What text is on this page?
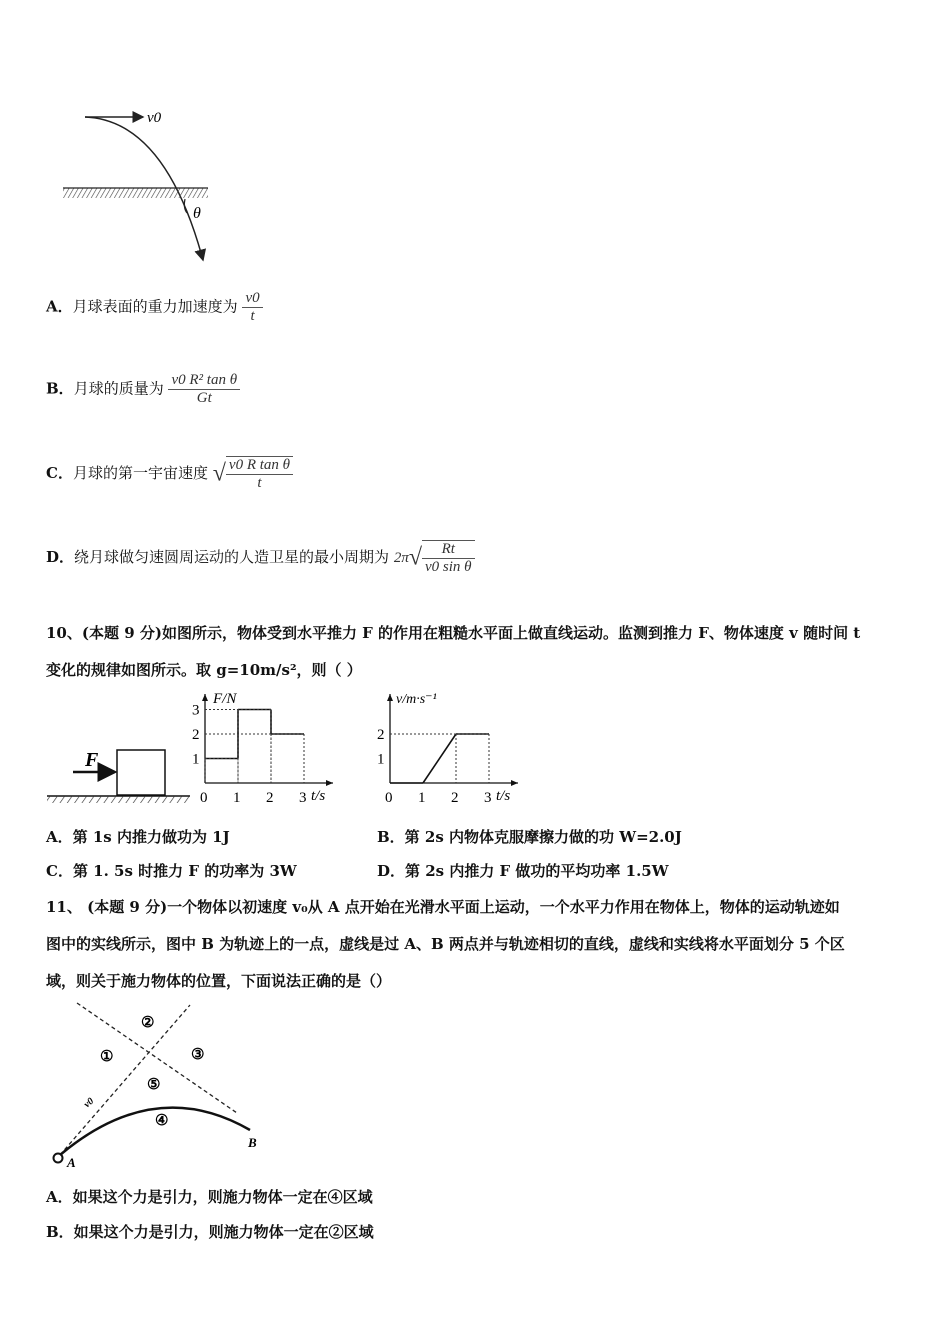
v0
θ
A．月球表面的重力加速度为 $\frac{v0}{t}$
B．月球的质量为 $\frac{\text{v0 R² tan θ}}{Gt}$
C．月球的第一宇宙速度 √ $\frac{\text{v0 R tan θ}}{t}$
D．绕月球做匀速圆周运动的人造卫星的最小周期为 $2\pi√ \frac{Rt}{\text{v0 sin θ}}$
10、(本题 9 分)如图所示，物体受到水平推力 F 的作用在粗糙水平面上做直线运动。监测到推力 F、物体速度 v 随时间 t
变化的规律如图所示。取 g=10m/s²，则（ ）
F
F/N
t/s
0 1 2 3
1
2
3
v/m·s⁻¹
t/s
0 1 2 3
1
2
A．第 1s 内推力做功为 1J	B．第 2s 内物体克服摩擦力做的功 W=2.0J
C．第 1. 5s 时推力 F 的功率为 3W	D．第 2s 内推力 F 做功的平均功率 1.5W
11、 (本题 9 分)一个物体以初速度 v₀从 A 点开始在光滑水平面上运动，一个水平力作用在物体上，物体的运动轨迹如
图中的实线所示，图中 B 为轨迹上的一点，虚线是过 A、B 两点并与轨迹相切的直线，虚线和实线将水平面划分 5 个区
域，则关于施力物体的位置，下面说法正确的是（）
A
B
v0
①
②
③
④
⑤
A．如果这个力是引力，则施力物体一定在④区域
B．如果这个力是引力，则施力物体一定在②区域
